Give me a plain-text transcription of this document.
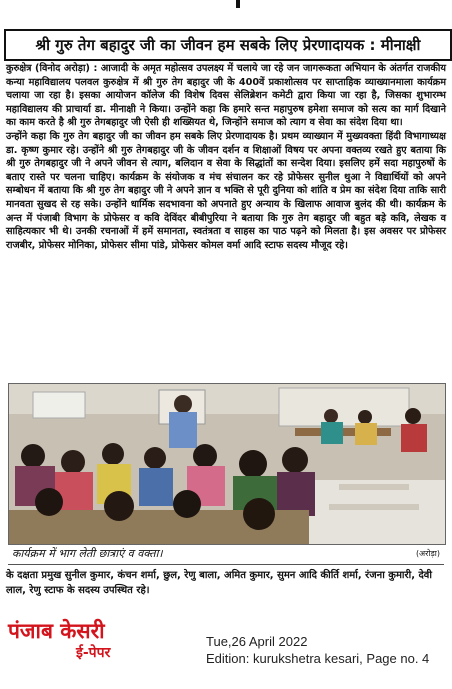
श्री गुरु तेग बहादुर जी का जीवन हम सबके लिए प्रेरणादायक : मीनाक्षी

कुरुक्षेत्र (विनोद अरोड़ा) : आजादी के अमृत महोत्सव उपलक्ष्य में चलाये जा रहे जन जागरूकता अभियान के अंतर्गत राजकीय कन्या महाविद्यालय पलवल कुरुक्षेत्र में श्री गुरु तेग बहादुर जी के 400वें प्रकाशोत्सव पर साप्ताहिक व्याख्यानमाला कार्यक्रम चलाया जा रहा है। इसका आयोजन कॉलेज की विशेष दिवस सेलिब्रेशन कमेटी द्वारा किया जा रहा है, जिसका शुभारम्भ महाविद्यालय की प्राचार्या डा. मीनाक्षी ने किया। उन्होंने कहा कि हमारे सन्त महापुरुष हमेशा समाज को सत्य का मार्ग दिखाने का काम करते है श्री गुरु तेगबहादुर जी ऐसी ही शख्सियत थे, जिन्होंने समाज को त्याग व सेवा का संदेश दिया था।

उन्होंने कहा कि गुरु तेग बहादुर जी का जीवन हम सबके लिए प्रेरणादायक है। प्रथम व्याख्यान में मुख्यवक्ता हिंदी विभागाध्यक्ष डा. कृष्ण कुमार रहे। उन्होंने श्री गुरु तेगबहादुर जी के जीवन दर्शन व शिक्षाओं विषय पर अपना वक्तव्य रखते हुए बताया कि श्री गुरु तेगबहादुर जी ने अपने जीवन से त्याग, बलिदान व सेवा के सिद्धांतों का सन्देश दिया। इसलिए हमें सदा महापुरुषों के बताए रास्ते पर चलना चाहिए। कार्यक्रम के संयोजक व मंच संचालन कर रहे प्रोफेसर सुनील थुआ ने विद्यार्थियों को अपने सम्बोधन में बताया कि श्री गुरु तेग बहादुर जी ने अपने ज्ञान व भक्ति से पूरी दुनिया को शांति व प्रेम का संदेश दिया ताकि सारी मानवता सुखद से रह सके। उन्होंने धार्मिक सदभावना को अपनाते हुए अन्याय के खिलाफ आवाज बुलंद की थी। कार्यक्रम के अन्त में पंजाबी विभाग के प्रोफेसर व कवि देविंदर बीबीपुरिया ने बताया कि गुरु तेग बहादुर जी बहुत बड़े कवि, लेखक व साहित्यकार भी थे। उनकी रचनाओं में हमें समानता, स्वतंत्रता व साहस का पाठ पढ़ने को मिलता है। इस अवसर पर प्रोफेसर राजबीर, प्रोफेसर मोनिका, प्रोफेसर सीमा पांडे, प्रोफेसर कोमल वर्मा आदि स्टाफ सदस्य मौजूद रहे।

कार्यक्रम में भाग लेती छात्राएं व वक्ता।	(अरोड़ा)
के दक्षता प्रमुख सुनील कुमार, कंचन शर्मा, छुल, रेणु बाला, अमित कुमार, सुमन आदि कीर्ति शर्मा, रंजना कुमारी, देवी लाल, रेणु स्टाफ के सदस्य उपस्थित रहे।
पंजाब केसरी
ई-पेपर
Tue,26 April 2022
Edition: kurukshetra kesari, Page no. 4
